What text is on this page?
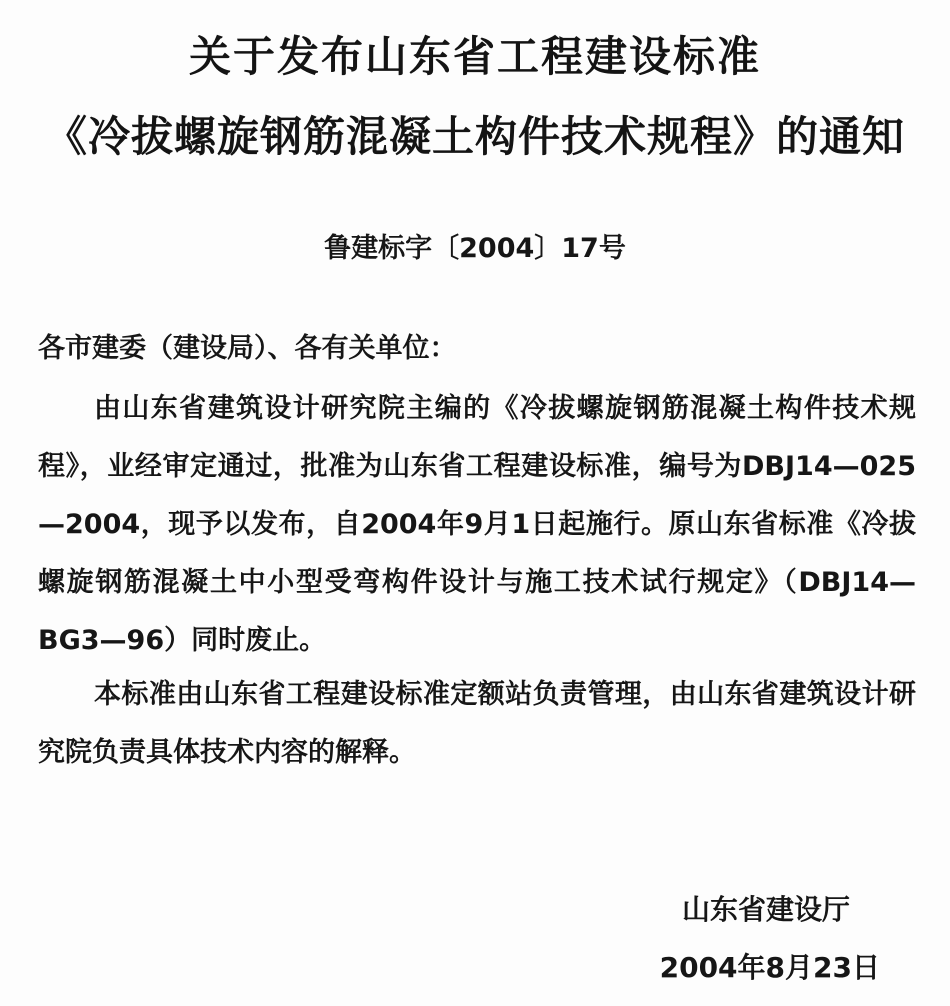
关于发布山东省工程建设标准
《冷拔螺旋钢筋混凝土构件技术规程》的通知
鲁建标字〔2004〕17号
各市建委（建设局）、各有关单位：
由山东省建筑设计研究院主编的《冷拔螺旋钢筋混凝土构件技术规程》，业经审定通过，批准为山东省工程建设标准，编号为DBJ14—025—2004，现予以发布，自2004年9月1日起施行。原山东省标准《冷拔螺旋钢筋混凝土中小型受弯构件设计与施工技术试行规定》（DBJ14—BG3—96）同时废止。
本标准由山东省工程建设标准定额站负责管理，由山东省建筑设计研究院负责具体技术内容的解释。
山东省建设厅
2004年8月23日
